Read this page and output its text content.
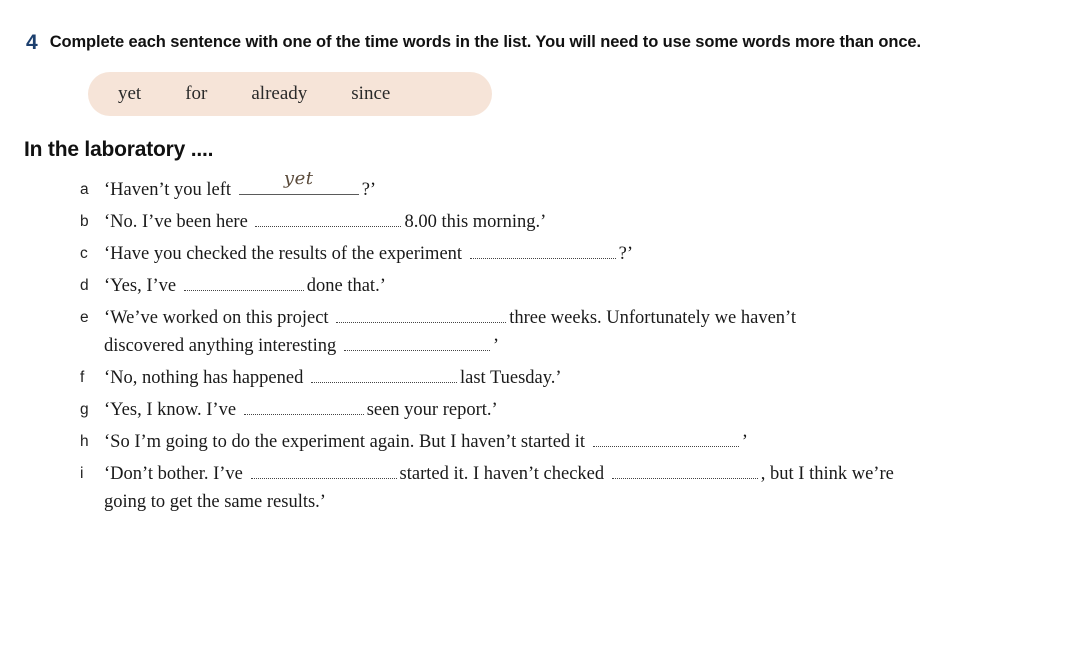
4 Complete each sentence with one of the time words in the list. You will need to use some words more than once.
yet for already since
In the laboratory ....
a ‘Haven’t you left
yet
?’
b ‘No. I’ve been here	8.00 this morning.’
c ‘Have you checked the results of the experiment	?’
d ‘Yes, I’ve	done that.’
e ‘We’ve worked on this project	three weeks. Unfortunately we haven’t
discovered anything interesting	’
f	‘No, nothing has happened	last Tuesday.’
g ‘Yes, I know. I’ve	seen your report.’
h ‘So I’m going to do the experiment again. But I haven’t started it	’
i	‘Don’t bother. I’ve	started it. I haven’t checked	, but I think we’re
going to get the same results.’
